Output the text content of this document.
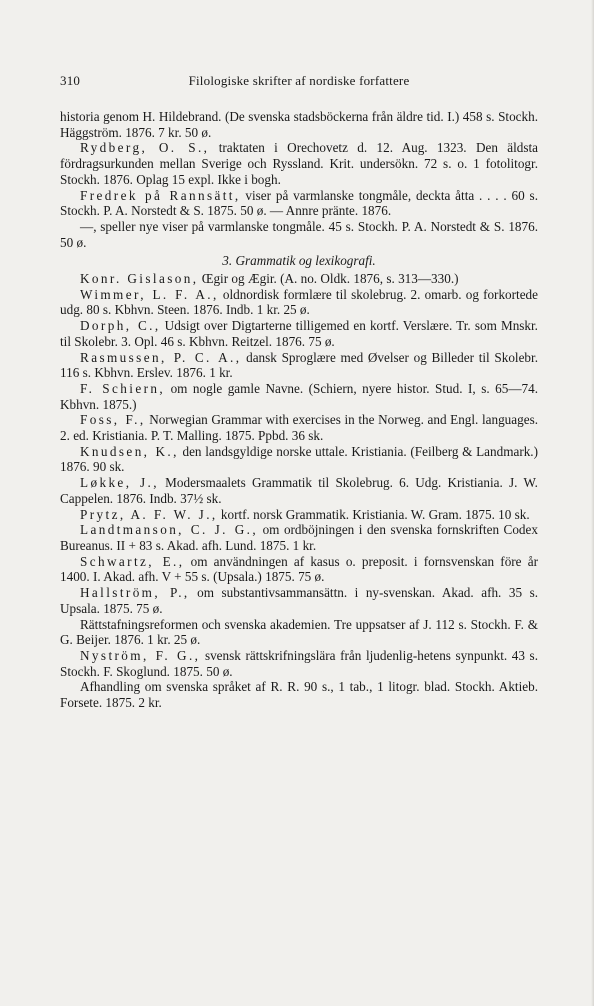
310	Filologiske skrifter af nordiske forfattere

historia genom H. Hildebrand. (De svenska stadsböckerna från äldre tid. I.) 458 s. Stockh. Häggström. 1876. 7 kr. 50 ø.

Rydberg, O. S., traktaten i Orechovetz d. 12. Aug. 1323. Den äldsta fördragsurkunden mellan Sverige och Ryssland. Krit. undersökn. 72 s. o. 1 fotolitogr. Stockh. 1876. Oplag 15 expl. Ikke i bogh.

Fredrek på Rannsätt, viser på varmlanske tongmåle, deckta åtta . . . . 60 s. Stockh. P. A. Norstedt & S. 1875. 50 ø. — Annre pränte. 1876.

—, speller nye viser på varmlanske tongmåle. 45 s. Stockh. P. A. Norstedt & S. 1876. 50 ø.

3. Grammatik og lexikografi.

Konr. Gislason, Œgir og Ægir. (A. no. Oldk. 1876, s. 313—330.)

Wimmer, L. F. A., oldnordisk formlære til skolebrug. 2. omarb. og forkortede udg. 80 s. Kbhvn. Steen. 1876. Indb. 1 kr. 25 ø.

Dorph, C., Udsigt over Digtarterne tilligemed en kortf. Verslære. Tr. som Mnskr. til Skolebr. 3. Opl. 46 s. Kbhvn. Reitzel. 1876. 75 ø.

Rasmussen, P. C. A., dansk Sproglære med Øvelser og Billeder til Skolebr. 116 s. Kbhvn. Erslev. 1876. 1 kr.

F. Schiern, om nogle gamle Navne. (Schiern, nyere histor. Stud. I, s. 65—74. Kbhvn. 1875.)

Foss, F., Norwegian Grammar with exercises in the Norweg. and Engl. languages. 2. ed. Kristiania. P. T. Malling. 1875. Ppbd. 36 sk.

Knudsen, K., den landsgyldige norske uttale. Kristiania. (Feilberg & Landmark.) 1876. 90 sk.

Løkke, J., Modersmaalets Grammatik til Skolebrug. 6. Udg. Kristiania. J. W. Cappelen. 1876. Indb. 37½ sk.

Prytz, A. F. W. J., kortf. norsk Grammatik. Kristiania. W. Gram. 1875. 10 sk.

Landtmanson, C. J. G., om ordböjningen i den svenska fornskriften Codex Bureanus. II + 83 s. Akad. afh. Lund. 1875. 1 kr.

Schwartz, E., om användningen af kasus o. preposit. i fornsvenskan före år 1400. I. Akad. afh. V + 55 s. (Upsala.) 1875. 75 ø.

Hallström, P., om substantivsammansättn. i ny-svenskan. Akad. afh. 35 s. Upsala. 1875. 75 ø.

Rättstafningsreformen och svenska akademien. Tre uppsatser af J. 112 s. Stockh. F. & G. Beijer. 1876. 1 kr. 25 ø.

Nyström, F. G., svensk rättskrifningslära från ljudenlig-hetens synpunkt. 43 s. Stockh. F. Skoglund. 1875. 50 ø.

Afhandling om svenska språket af R. R. 90 s., 1 tab., 1 litogr. blad. Stockh. Aktieb. Forsete. 1875. 2 kr.
